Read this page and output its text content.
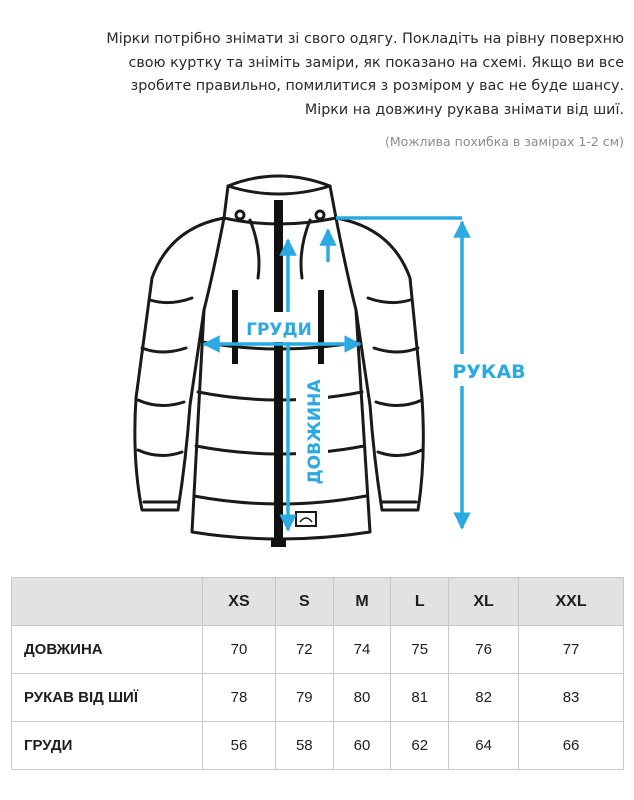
Мірки потрібно знімати зі свого одягу. Покладіть на рівну поверхню

свою куртку та зніміть заміри, як показано на схемі. Якщо ви все

зробите правильно, помилитися з розміром у вас не буде шансу.

Мірки на довжину рукава знімати від шиї.

(Можлива похибка в замірах 1-2 см)
ГРУДИ
ДОВЖИНА
РУКАВ
	XS	S	M	L	XL	XXL
ДОВЖИНА	70	72	74	75	76	77
РУКАВ ВІД ШИЇ	78	79	80	81	82	83
ГРУДИ	56	58	60	62	64	66
